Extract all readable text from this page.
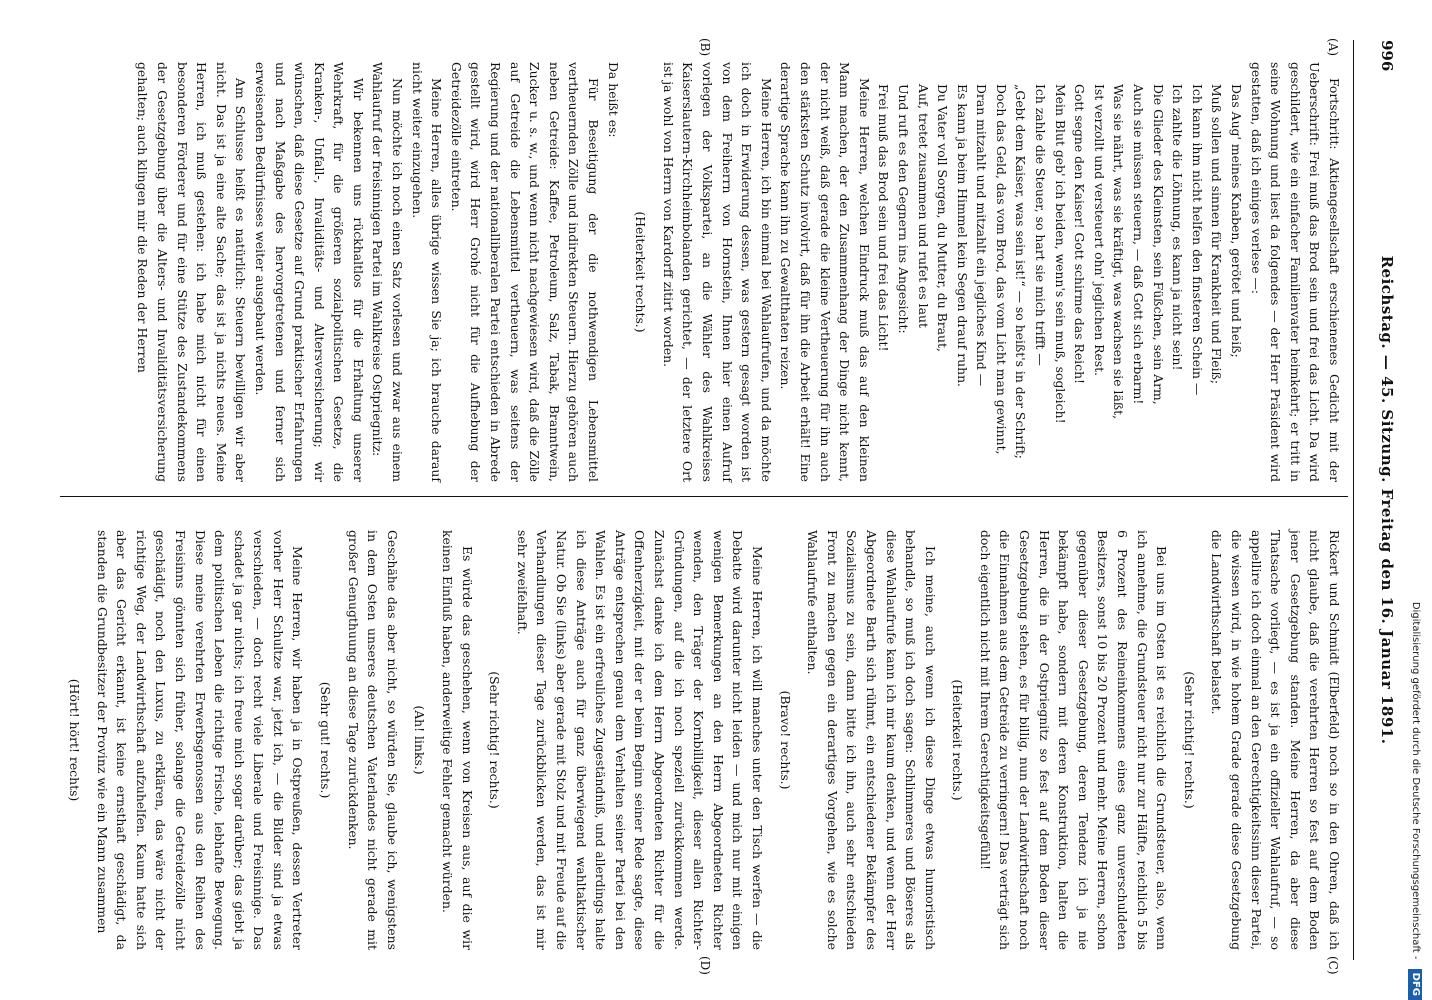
996
Reichstag. — 45. Sitzung. Freitag den 16. Januar 1891.
(A)
(B)
(C)
(D)

Fortschritt: Aktiengesellschaft erschienenes Gedicht mit der Ueberschrift: Frei muß das Brod sein und frei das Licht. Da wird geschildert, wie ein einfacher Familienvater heimkehrt; er tritt in seine Wohnung und liest da folgendes — der Herr Präsident wird gestatten, daß ich einiges verlese —:

Das Aug' meines Knaben, gerötet und heiß;

Muß sollen und sinnen für Krankheit und Fleiß;

Ich kann ihm nicht helfen den finsteren Schein —

Ich zahlte die Löhnung, es kann ja nicht sein!

Die Glieder des Kleinsten, sein Füßchen, sein Arm,

Auch sie müssen steuern, — daß Gott sich erbarm!

Was sie nährt, was sie kräftigt, was wachsen sie läßt,

Ist verzollt und versteuert ohn' jeglichen Rest.

Gott segne den Kaiser! Gott schirme das Reich!

Mein Blut geb' ich beiden, wenn's sein muß, sogleich!

Ich zahle die Steuer, so hart sie mich trifft —

„Gebt dem Kaiser, was sein ist!“ — so heißt's in der Schrift;

Doch das Geld, das vom Brod, das vom Licht man gewinnt,

Dran mitzahlt und mitzahlt ein jegliches Kind —

Es kann ja beim Himmel kein Segen drauf ruhn.

Du Vater voll Sorgen, du Mutter, du Braut,

Auf, tretet zusammen und rufet es laut

Und ruft es den Gegnern ins Angesicht:

Frei muß das Brod sein und frei das Licht!

Meine Herren, welchen Eindruck muß das auf den kleinen Mann machen, der den Zusammenhang der Dinge nicht kennt, der nicht weiß, daß gerade die kleine Vertheuerung für ihn auch den stärksten Schutz involvirt, daß für ihn die Arbeit erhält! Eine derartige Sprache kann ihn zu Gewaltthaten reizen.

Meine Herren, ich bin einmal bei Wahlaufrufen, und da möchte ich doch in Erwiderung dessen, was gestern gesagt worden ist von dem Freiherrn von Hornstein, Ihnen hier einen Aufruf vorlegen der Volkspartei, an die Wähler des Wahlkreises Kaiserslautern-Kirchheimbolanden gerichtet, — der letztere Ort ist ja wohl von Herrn von Kardorff zitirt worden.

(Heiterkeit rechts.)

Da heißt es:

Für Beseitigung der die nothwendigen Lebensmittel vertheuernden Zölle und indirekten Steuern. Hierzu gehören auch neben Getreide: Kaffee, Petroleum, Salz, Tabak, Branntwein, Zucker u. s. w., und wenn nicht nachgewiesen wird, daß die Zölle auf Getreide die Lebensmittel vertheuern, was seitens der Regierung und der nationalliberalen Partei entschieden in Abrede gestellt wird, wird Herr Grohé nicht für die Aufhebung der Getreidezölle eintreten.

Meine Herren, alles übrige wissen Sie ja; ich brauche darauf nicht weiter einzugehen.

Nun möchte ich noch einen Satz vorlesen und zwar aus einem Wahlaufruf der freisinnigen Partei im Wahlkreise Ostpriegnitz:

Wir bekennen uns rückhaltlos für die Erhaltung unserer Wehrkraft, für die größeren sozialpolitischen Gesetze, die Kranken-, Unfall-, Invaliditäts- und Altersversicherung; wir wünschen, daß diese Gesetze auf Grund praktischer Erfahrungen und nach Maßgabe des hervorgetretenen und ferner sich erweisenden Bedürfnisses weiter ausgebaut werden.

Am Schlusse heißt es natürlich: Steuern bewilligen wir aber nicht. Das ist ja eine alte Sache; das ist ja nichts neues. Meine Herren, ich muß gestehen: ich habe mich nicht für einen besonderen Förderer und für eine Stütze des Zustandekommens der Gesetzgebung über die Alters- und Invaliditätsversicherung gehalten; auch klingen mir die Reden der Herren

Rickert und Schmidt (Elberfeld) noch so in den Ohren, daß ich nicht glaube, daß die verehrten Herren so fest auf dem Boden jener Gesetzgebung standen. Meine Herren, da aber diese Thatsache vorliegt, — es ist ja ein offizieller Wahlaufruf, — so appellire ich doch einmal an den Gerechtigkeitssinn dieser Partei, die wissen wird, in wie hohem Grade gerade diese Gesetzgebung die Landwirthschaft belastet.

(Sehr richtig! rechts.)

Bei uns im Osten ist es reichlich die Grundsteuer, also, wenn ich annehme, die Grundsteuer nicht nur zur Hälfte, reichlich 5 bis 6 Prozent des Reineinkommens eines ganz unverschuldeten Besitzers, sonst 10 bis 20 Prozent und mehr. Meine Herren, schon gegenüber dieser Gesetzgebung, deren Tendenz ich ja nie bekämpft habe, sondern mit deren Konstruktion, halten die Herren, die in der Ostpriegnitz so fest auf dem Boden dieser Gesetzgebung stehen, es für billig, nun der Landwirthschaft noch die Einnahmen aus dem Getreide zu verringern! Das verträgt sich doch eigentlich nicht mit Ihrem Gerechtigkeitsgefühl!

(Heiterkeit rechts.)

Ich meine, auch wenn ich diese Dinge etwas humoristisch behandle, so muß ich doch sagen: Schlimmeres und Böseres als diese Wahlaufrufe kann ich mir kaum denken, und wenn der Herr Abgeordnete Barth sich rühmt, ein entschiedener Bekämpfer des Sozialismus zu sein, dann bitte ich ihn, auch sehr entschieden Front zu machen gegen ein derartiges Vorgehen, wie es solche Wahlaufrufe enthalten.

(Bravo! rechts.)

Meine Herren, ich will manches unter den Tisch werfen — die Debatte wird darunter nicht leiden — und mich nur mit einigen wenigen Bemerkungen an den Herrn Abgeordneten Richter wenden, den Träger der Kornbilligkeit, dieser allen Richter-Gründungen, auf die ich noch speziell zurückkommen werde. Zunächst danke ich dem Herrn Abgeordneten Richter für die Offenherzigkeit, mit der er beim Beginn seiner Rede sagte, diese Anträge entsprechen genau dem Verhalten seiner Partei bei den Wahlen. Es ist ein erfreuliches Zugeständniß, und allerdings halte ich diese Anträge auch für ganz überwiegend wahltaktischer Natur. Ob Sie (links) aber gerade mit Stolz und mit Freude auf die Verhandlungen dieser Tage zurückblicken werden, das ist mir sehr zweifelhaft.

(Sehr richtig! rechts.)

Es würde das geschehen, wenn von Kreisen aus, auf die wir keinen Einfluß haben, anderweitige Fehler gemacht würden.

(Ah! links.)

Geschähe das aber nicht, so würden Sie, glaube ich, wenigstens in dem Osten unseres deutschen Vaterlandes nicht gerade mit großer Genugthuung an diese Tage zurückdenken.

(Sehr gut! rechts.)

Meine Herren, wir haben ja in Ostpreußen, dessen Vertreter vorher Herr Schultze war, jetzt ich, — die Bilder sind ja etwas verschieden, — doch recht viele Liberale und Freisinnige. Das schadet ja gar nichts; ich freue mich sogar darüber; das giebt ja dem politischen Leben die richtige Frische, lebhafte Bewegung. Diese meine verehrten Erwerbsgenossen aus den Reihen des Freisinns gönnten sich früher, solange die Getreidezölle nicht geschädigt, noch den Luxus, zu erklären, das wäre nicht der richtige Weg, der Landwirthschaft aufzuhelfen. Kaum hatte sich aber das Gericht erkannt, ist keine ernsthaft geschädigt, da standen die Grundbesitzer der Provinz wie ein Mann zusammen

(Hört! hört! rechts)	Digitalisierung gefördert durch die Deutsche Forschungsgemeinschaft - DFG
